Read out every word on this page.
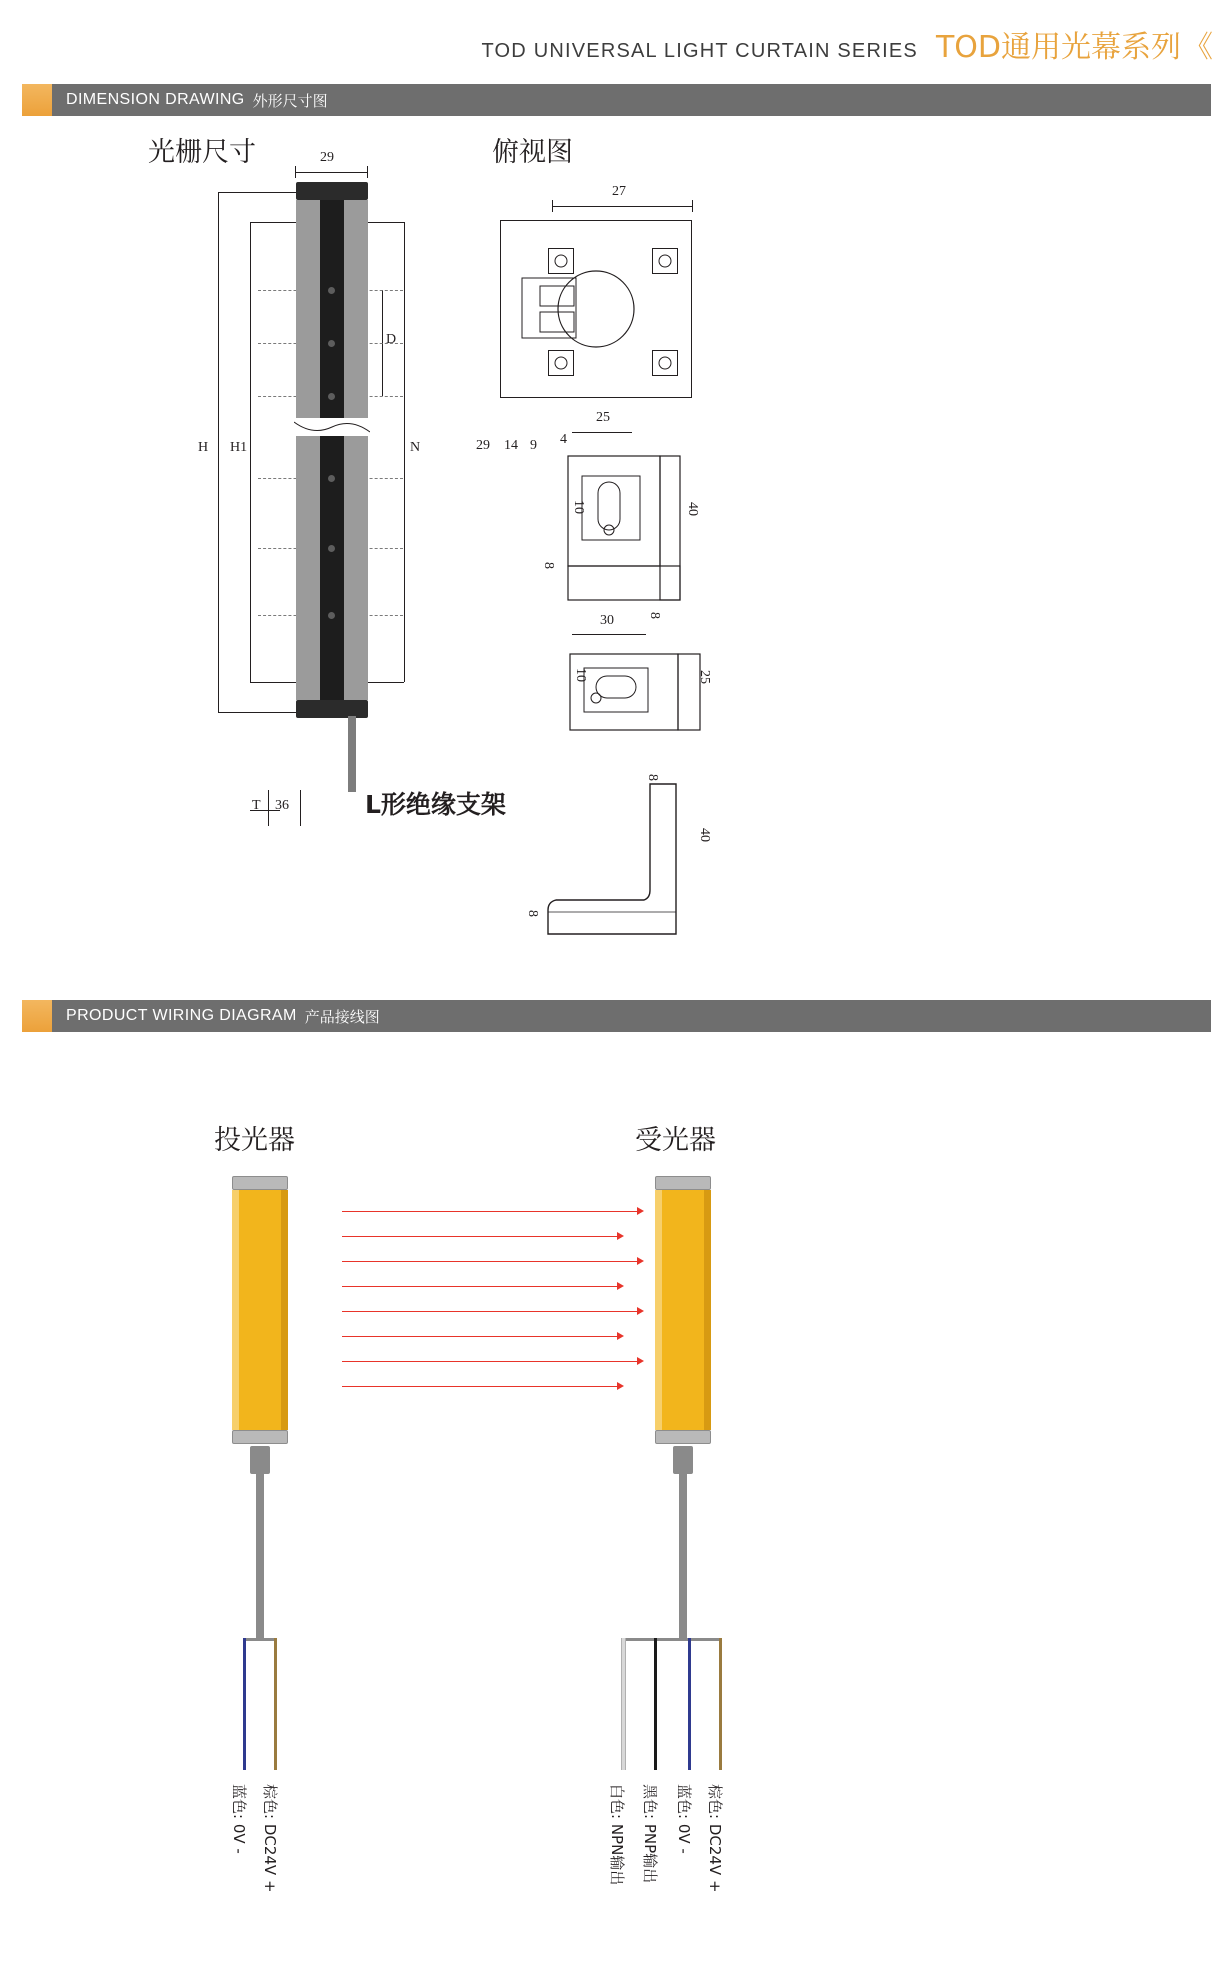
TOD UNIVERSAL LIGHT CURTAIN SERIES TOD通用光幕系列 《
DIMENSION DRAWING 外形尺寸图
光栅尺寸	俯视图
L形绝缘支架
29
H H1	N
D
T 36
27
29 14 9 4
25
10	40
8
30 8
10	25
8
40
8
PRODUCT WIRING DIAGRAM 产品接线图
投光器	受光器
蓝色: 0V - 棕色: DC24V +	白色: NPN输出 黑色: PNP输出 蓝色: 0V - 棕色: DC24V +
